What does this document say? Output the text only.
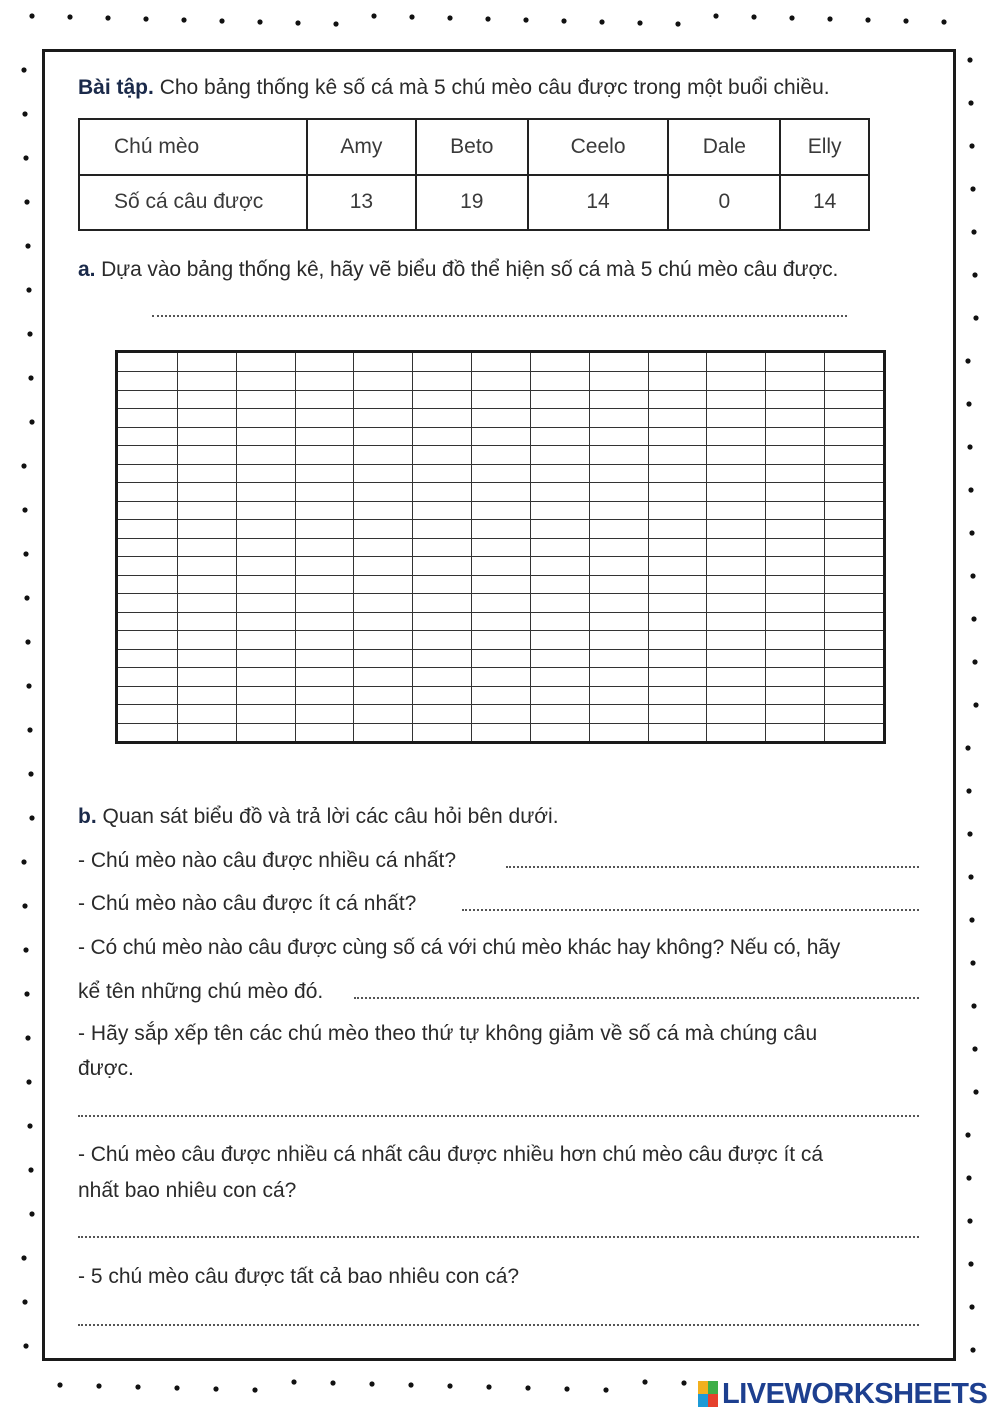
Bài tập. Cho bảng thống kê số cá mà 5 chú mèo câu được trong một buổi chiều.
Chú mèo	Amy	Beto	Ceelo	Dale	Elly
Số cá câu được	13	19	14	0	14
a. Dựa vào bảng thống kê, hãy vẽ biểu đồ thể hiện số cá mà 5 chú mèo câu được.
b. Quan sát biểu đồ và trả lời các câu hỏi bên dưới.
- Chú mèo nào câu được nhiều cá nhất?
- Chú mèo nào câu được ít cá nhất?
- Có chú mèo nào câu được cùng số cá với chú mèo khác hay không? Nếu có, hãy
kể tên những chú mèo đó.
- Hãy sắp xếp tên các chú mèo theo thứ tự không giảm về số cá mà chúng câu
được.
- Chú mèo câu được nhiều cá nhất câu được nhiều hơn chú mèo câu được ít cá
nhất bao nhiêu con cá?
- 5 chú mèo câu được tất cả bao nhiêu con cá?
LIVEWORKSHEETS
